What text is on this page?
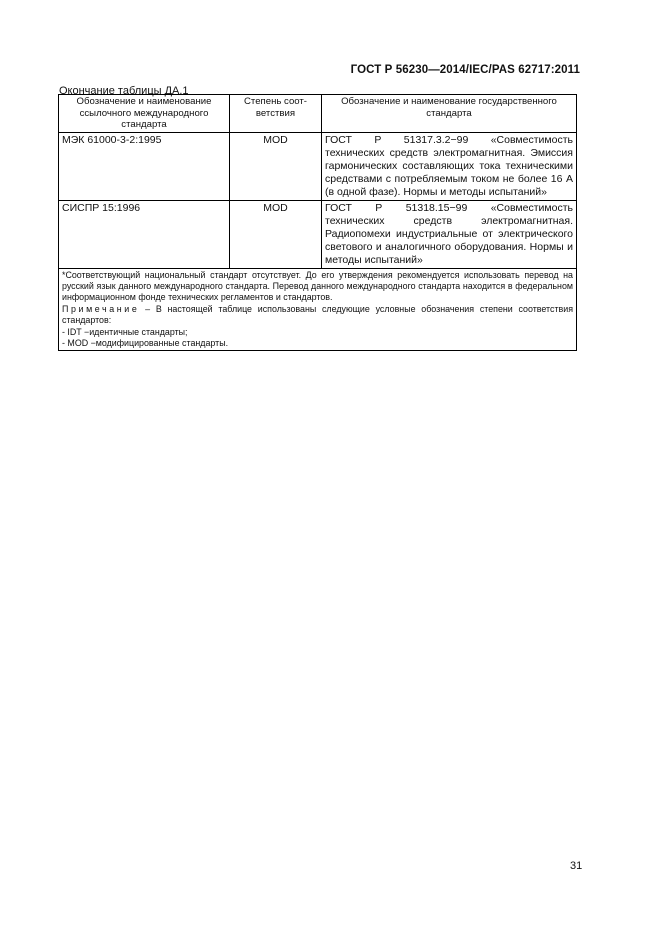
ГОСТ Р 56230—2014/IEC/PAS 62717:2011
Окончание таблицы ДА.1
Обозначение и наименование ссылочного международного стандарта	Степень соот-ветствия	Обозначение и наименование государственного стандарта
МЭК 61000-3-2:1995	MOD	ГОСТ Р 51317.3.2−99 «Совместимость технических средств электромагнитная. Эмиссия гармонических составляющих тока техническими средствами с потребляемым током не более 16 А (в одной фазе). Нормы и методы испытаний»
СИСПР 15:1996	MOD	ГОСТ Р 51318.15−99 «Совместимость технических средств электромагнитная. Радиопомехи индустриальные от электрического светового и аналогичного оборудования. Нормы и методы испытаний»

*Соответствующий национальный стандарт отсутствует. До его утверждения рекомендуется использовать перевод на русский язык данного международного стандарта. Перевод данного международного стандарта находится в федеральном информационном фонде технических регламентов и стандартов.

Примечание – В настоящей таблице использованы следующие условные обозначения степени соответствия стандартов:

- IDT −идентичные стандарты;

- MOD −модифицированные стандарты.		

31
